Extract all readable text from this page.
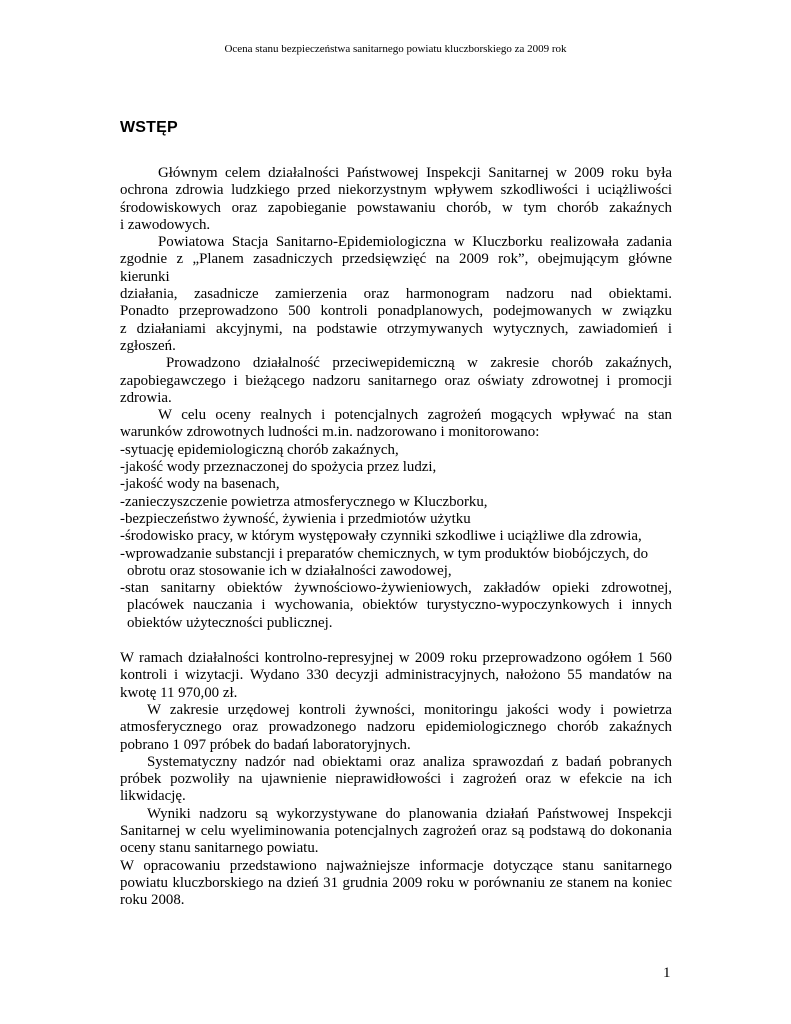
Ocena stanu bezpieczeństwa sanitarnego powiatu kluczborskiego za 2009 rok
WSTĘP

Głównym celem działalności Państwowej Inspekcji Sanitarnej w 2009 roku była

ochrona zdrowia ludzkiego przed niekorzystnym wpływem szkodliwości i uciążliwości

środowiskowych oraz zapobieganie powstawaniu chorób, w tym chorób zakaźnych

i zawodowych.

Powiatowa Stacja Sanitarno-Epidemiologiczna w Kluczborku realizowała zadania

zgodnie z „Planem zasadniczych przedsięwzięć na 2009 rok”, obejmującym główne kierunki

działania, zasadnicze zamierzenia oraz harmonogram nadzoru nad obiektami.

Ponadto przeprowadzono 500 kontroli ponadplanowych, podejmowanych w związku

z działaniami akcyjnymi, na podstawie otrzymywanych wytycznych, zawiadomień i zgłoszeń.

Prowadzono działalność przeciwepidemiczną w zakresie chorób zakaźnych,

zapobiegawczego i bieżącego nadzoru sanitarnego oraz oświaty zdrowotnej i promocji

zdrowia.

W celu oceny realnych i potencjalnych zagrożeń mogących wpływać na stan

warunków zdrowotnych ludności m.in. nadzorowano i monitorowano:

-sytuację epidemiologiczną chorób zakaźnych,

-jakość wody przeznaczonej do spożycia przez ludzi,

-jakość wody na basenach,

-zanieczyszczenie powietrza atmosferycznego w Kluczborku,

-bezpieczeństwo żywność, żywienia i przedmiotów użytku

-środowisko pracy, w którym występowały czynniki szkodliwe i uciążliwe dla zdrowia,

-wprowadzanie substancji i preparatów chemicznych, w tym produktów biobójczych, do

obrotu oraz stosowanie ich w działalności zawodowej,

-stan sanitarny obiektów żywnościowo-żywieniowych, zakładów opieki zdrowotnej,

placówek nauczania i wychowania, obiektów turystyczno-wypoczynkowych i innych

obiektów użyteczności publicznej.

W ramach działalności kontrolno-represyjnej w 2009 roku przeprowadzono ogółem 1 560

kontroli i wizytacji. Wydano 330 decyzji administracyjnych, nałożono 55 mandatów na

kwotę 11 970,00 zł.

W zakresie urzędowej kontroli żywności, monitoringu jakości wody i powietrza

atmosferycznego oraz prowadzonego nadzoru epidemiologicznego chorób zakaźnych

pobrano 1 097 próbek do badań laboratoryjnych.

Systematyczny nadzór nad obiektami oraz analiza sprawozdań z badań pobranych

próbek pozwoliły na ujawnienie nieprawidłowości i zagrożeń oraz w efekcie na ich

likwidację.

Wyniki nadzoru są wykorzystywane do planowania działań Państwowej Inspekcji

Sanitarnej w celu wyeliminowania potencjalnych zagrożeń oraz są podstawą do dokonania

oceny stanu sanitarnego powiatu.

W opracowaniu przedstawiono najważniejsze informacje dotyczące stanu sanitarnego

powiatu kluczborskiego na dzień 31 grudnia 2009 roku w porównaniu ze stanem na koniec

roku 2008.

1
